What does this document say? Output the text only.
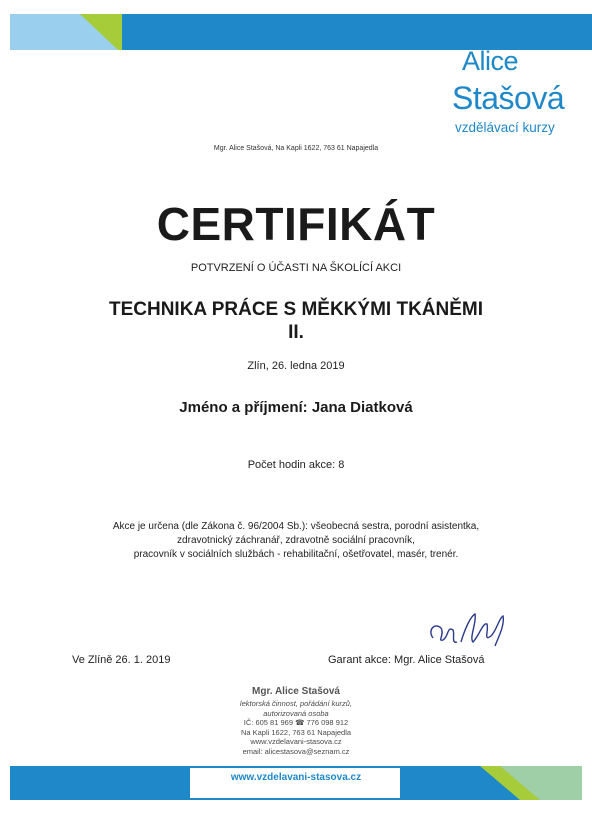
Alice
Stašová
vzdělávací kurzy
Mgr. Alice Stašová, Na Kapli 1622, 763 61 Napajedla
CERTIFIKÁT
POTVRZENÍ O ÚČASTI NA ŠKOLÍCÍ AKCI
TECHNIKA PRÁCE S MĚKKÝMI TKÁNĚMI
II.
Zlín, 26. ledna 2019
Jméno a příjmení: Jana Diatková
Počet hodin akce: 8
Akce je určena (dle Zákona č. 96/2004 Sb.): všeobecná sestra, porodní asistentka,
zdravotnický záchranář, zdravotně sociální pracovník,
pracovník v sociálních službách - rehabilitační, ošetřovatel, masér, trenér.
Ve Zlíně 26. 1. 2019	Garant akce: Mgr. Alice Stašová
Mgr. Alice Stašová
lektorská činnost, pořádání kurzů,
autorizovaná osoba
IČ: 605 81 969 ☎ 776 098 912
Na Kapli 1622, 763 61 Napajedla
www.vzdelavani-stasova.cz
email: alicestasova@seznam.cz
www.vzdelavani-stasova.cz
